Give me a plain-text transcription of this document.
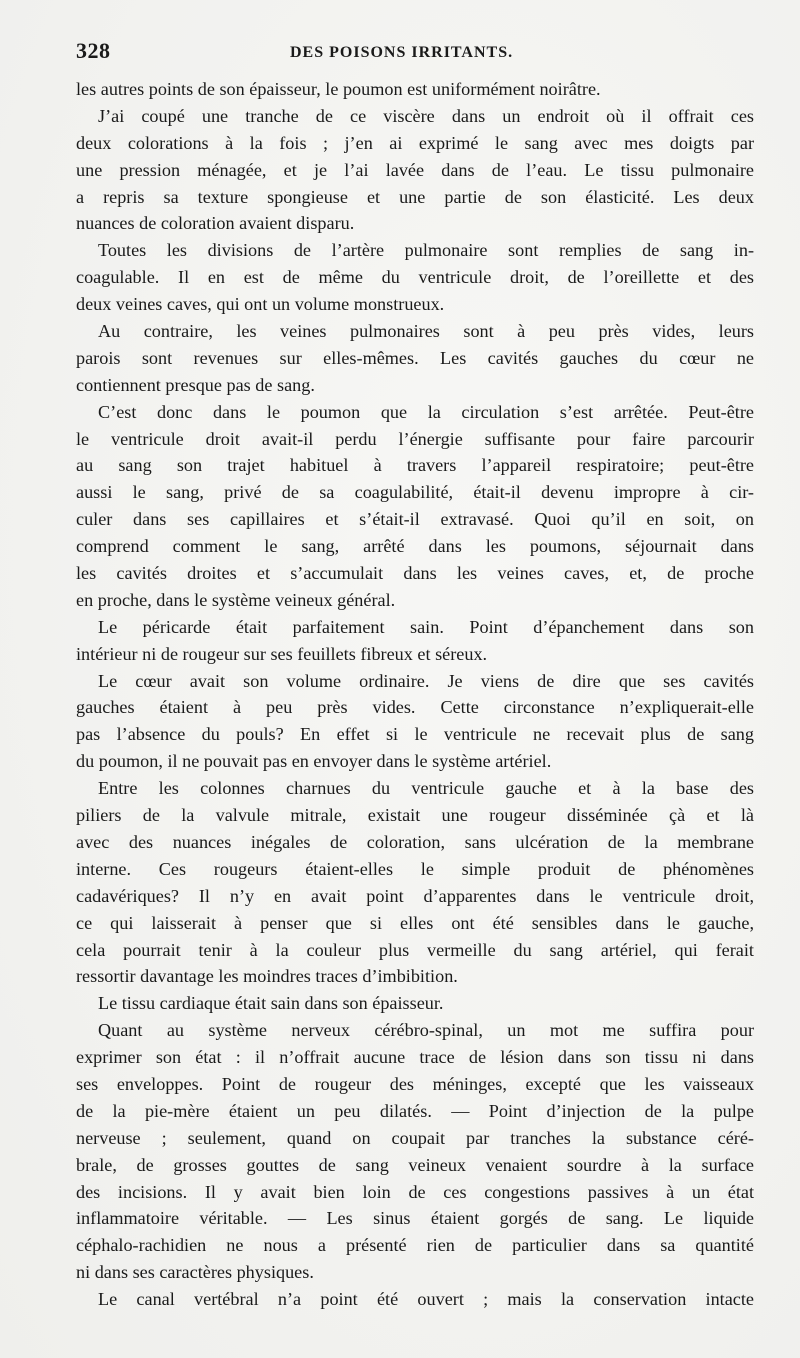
328	DES POISONS IRRITANTS.
les autres points de son épaisseur, le poumon est uniformément noirâtre.
J’ai coupé une tranche de ce viscère dans un endroit où il offrait ces
deux colorations à la fois ; j’en ai exprimé le sang avec mes doigts par
une pression ménagée, et je l’ai lavée dans de l’eau. Le tissu pulmonaire
a repris sa texture spongieuse et une partie de son élasticité. Les deux
nuances de coloration avaient disparu.
Toutes les divisions de l’artère pulmonaire sont remplies de sang in-
coagulable. Il en est de même du ventricule droit, de l’oreillette et des
deux veines caves, qui ont un volume monstrueux.
Au contraire, les veines pulmonaires sont à peu près vides, leurs
parois sont revenues sur elles-mêmes. Les cavités gauches du cœur ne
contiennent presque pas de sang.
C’est donc dans le poumon que la circulation s’est arrêtée. Peut-être
le ventricule droit avait-il perdu l’énergie suffisante pour faire parcourir
au sang son trajet habituel à travers l’appareil respiratoire; peut-être
aussi le sang, privé de sa coagulabilité, était-il devenu impropre à cir-
culer dans ses capillaires et s’était-il extravasé. Quoi qu’il en soit, on
comprend comment le sang, arrêté dans les poumons, séjournait dans
les cavités droites et s’accumulait dans les veines caves, et, de proche
en proche, dans le système veineux général.
Le péricarde était parfaitement sain. Point d’épanchement dans son
intérieur ni de rougeur sur ses feuillets fibreux et séreux.
Le cœur avait son volume ordinaire. Je viens de dire que ses cavités
gauches étaient à peu près vides. Cette circonstance n’expliquerait-elle
pas l’absence du pouls? En effet si le ventricule ne recevait plus de sang
du poumon, il ne pouvait pas en envoyer dans le système artériel.
Entre les colonnes charnues du ventricule gauche et à la base des
piliers de la valvule mitrale, existait une rougeur disséminée çà et là
avec des nuances inégales de coloration, sans ulcération de la membrane
interne. Ces rougeurs étaient-elles le simple produit de phénomènes
cadavériques? Il n’y en avait point d’apparentes dans le ventricule droit,
ce qui laisserait à penser que si elles ont été sensibles dans le gauche,
cela pourrait tenir à la couleur plus vermeille du sang artériel, qui ferait
ressortir davantage les moindres traces d’imbibition.
Le tissu cardiaque était sain dans son épaisseur.
Quant au système nerveux cérébro-spinal, un mot me suffira pour
exprimer son état : il n’offrait aucune trace de lésion dans son tissu ni dans
ses enveloppes. Point de rougeur des méninges, excepté que les vaisseaux
de la pie-mère étaient un peu dilatés. — Point d’injection de la pulpe
nerveuse ; seulement, quand on coupait par tranches la substance céré-
brale, de grosses gouttes de sang veineux venaient sourdre à la surface
des incisions. Il y avait bien loin de ces congestions passives à un état
inflammatoire véritable. — Les sinus étaient gorgés de sang. Le liquide
céphalo-rachidien ne nous a présenté rien de particulier dans sa quantité
ni dans ses caractères physiques.
Le canal vertébral n’a point été ouvert ; mais la conservation intacte
